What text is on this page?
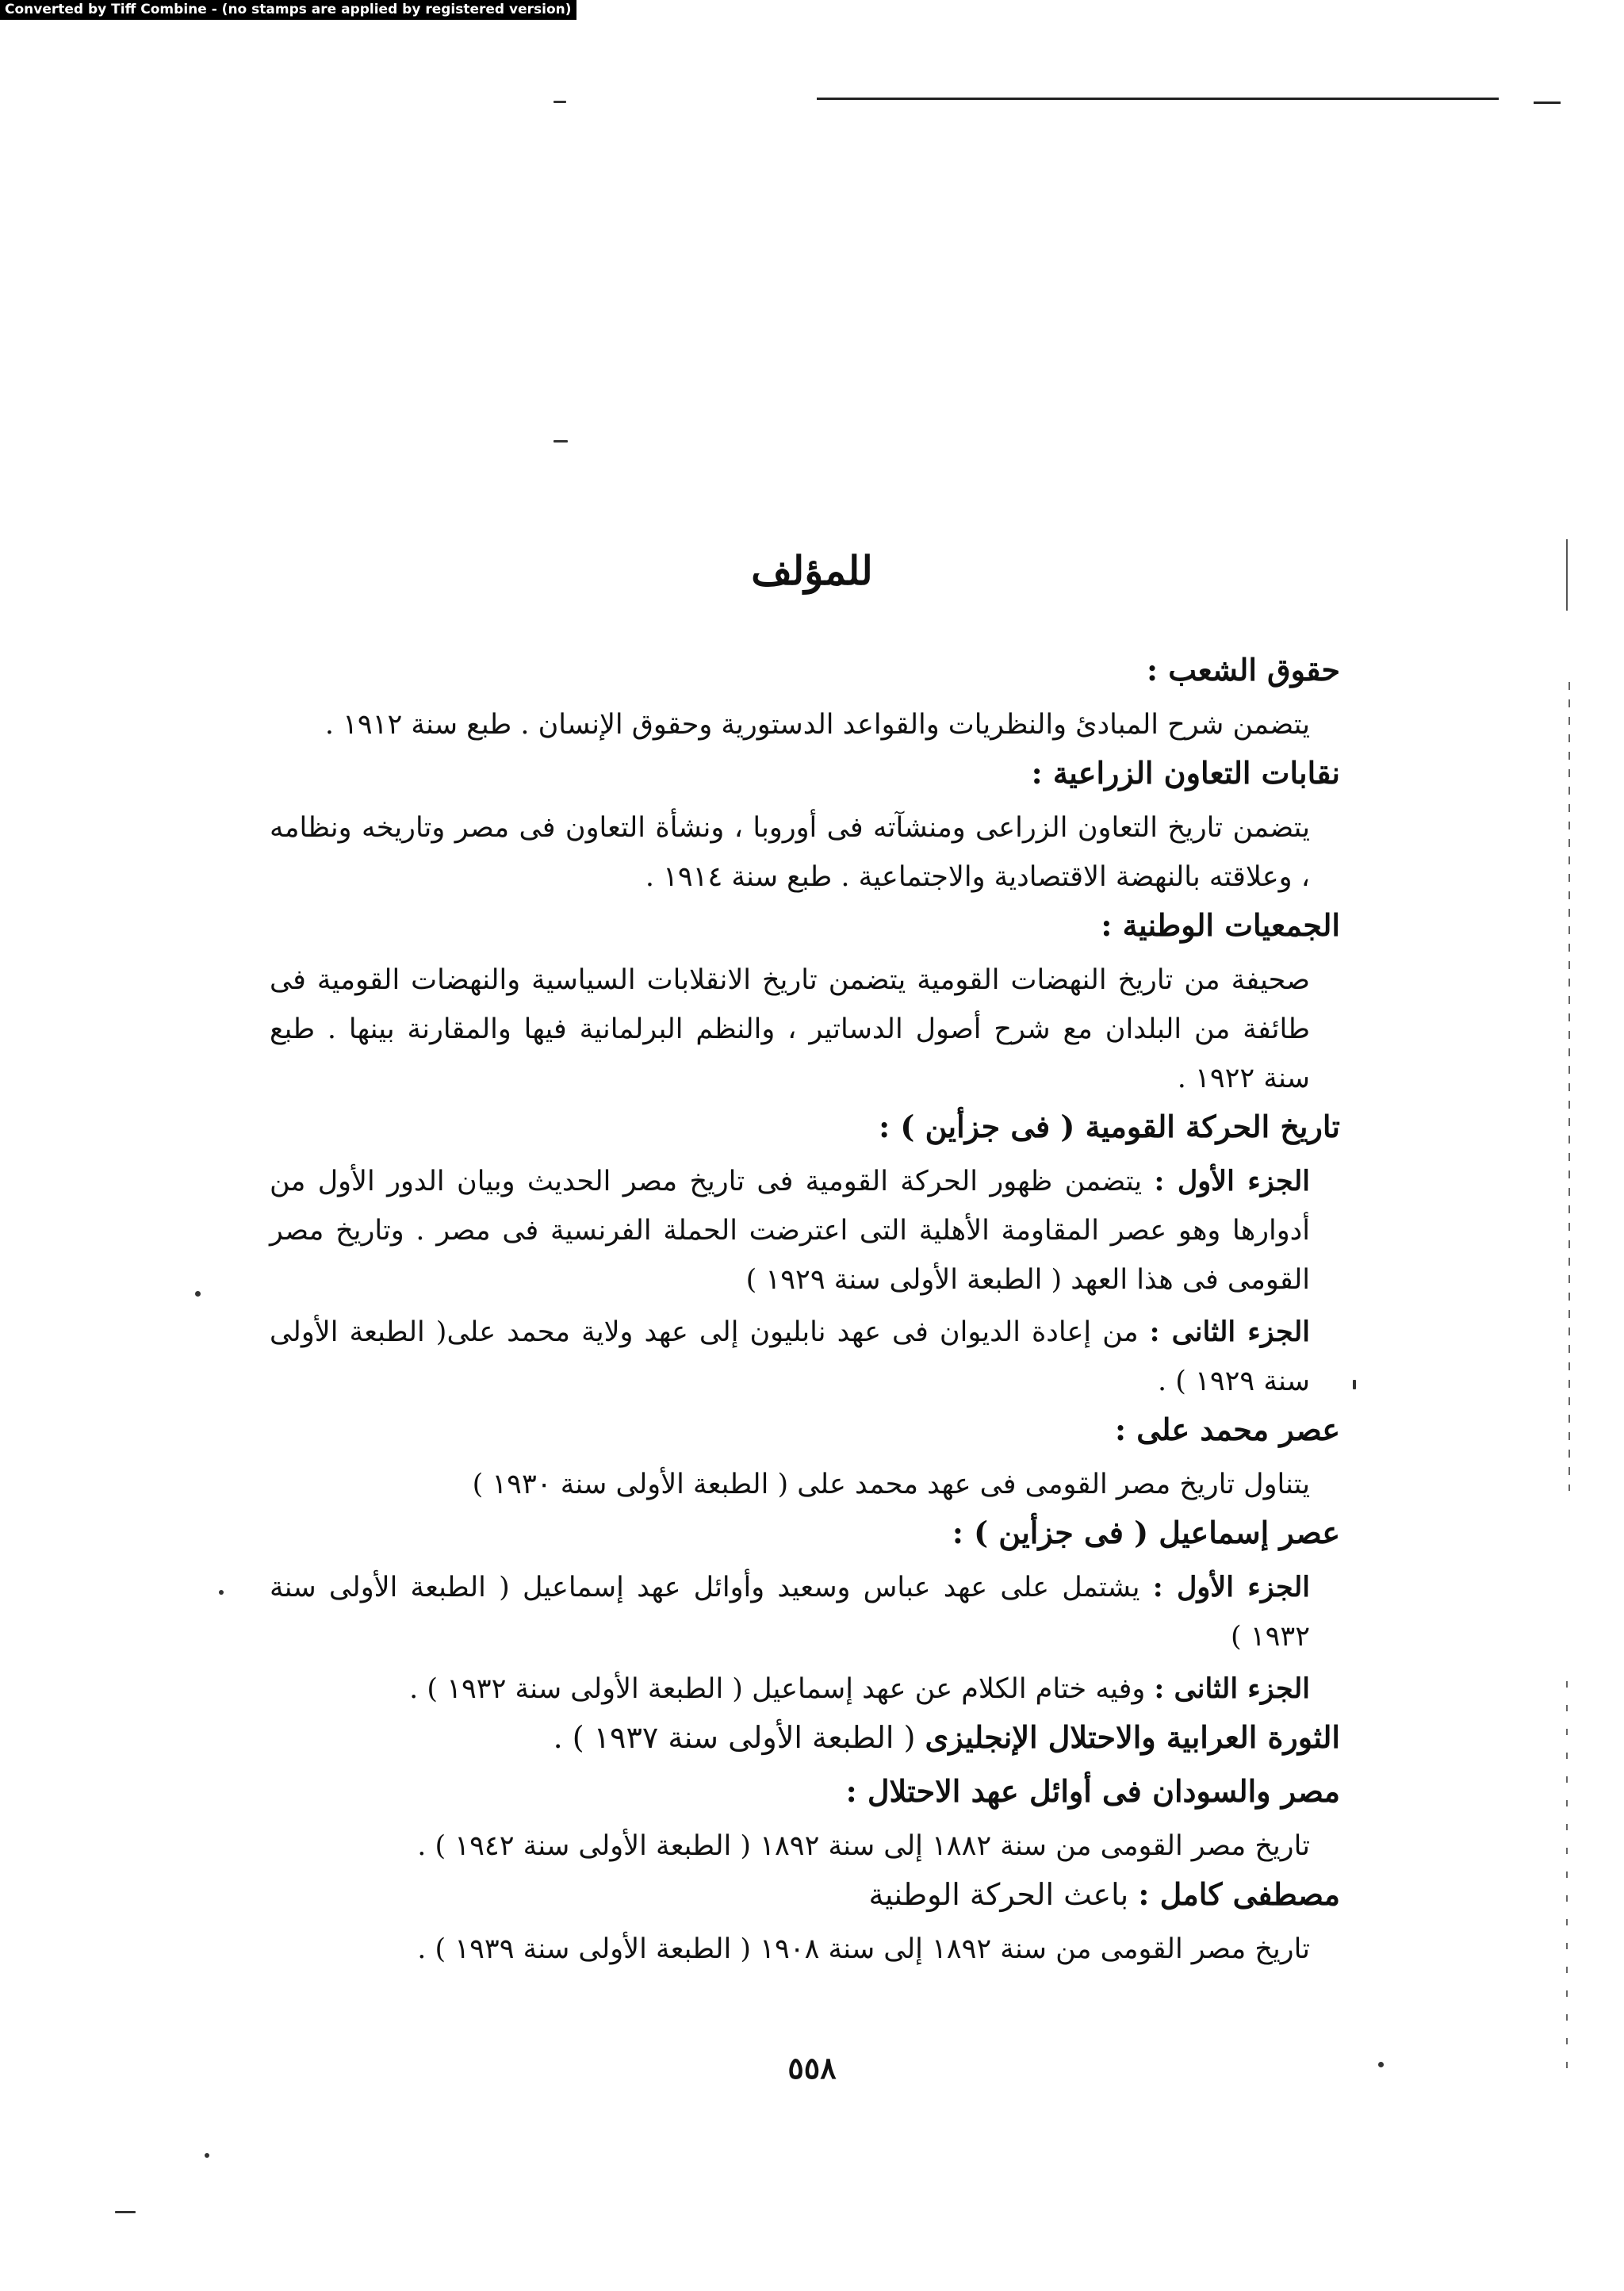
Converted by Tiff Combine - (no stamps are applied by registered version)
للمؤلف
حقوق الشعب :

يتضمن شرح المبادئ والنظريات والقواعد الدستورية وحقوق الإنسان . طبع سنة ١٩١٢ .

نقابات التعاون الزراعية :

يتضمن تاريخ التعاون الزراعى ومنشآته فى أوروبا ، ونشأة التعاون فى مصر وتاريخه ونظامه ، وعلاقته بالنهضة الاقتصادية والاجتماعية . طبع سنة ١٩١٤ .

الجمعيات الوطنية :

صحيفة من تاريخ النهضات القومية يتضمن تاريخ الانقلابات السياسية والنهضات القومية فى طائفة من البلدان مع شرح أصول الدساتير ، والنظم البرلمانية فيها والمقارنة بينها . طبع سنة ١٩٢٢ .

تاريخ الحركة القومية ( فى جزأين ) :

الجزء الأول : يتضمن ظهور الحركة القومية فى تاريخ مصر الحديث وبيان الدور الأول من أدوارها وهو عصر المقاومة الأهلية التى اعترضت الحملة الفرنسية فى مصر . وتاريخ مصر القومى فى هذا العهد ( الطبعة الأولى سنة ١٩٢٩ )

الجزء الثانى : من إعادة الديوان فى عهد نابليون إلى عهد ولاية محمد على( الطبعة الأولى سنة ١٩٢٩ ) .

عصر محمد على :

يتناول تاريخ مصر القومى فى عهد محمد على ( الطبعة الأولى سنة ١٩٣٠ )

عصر إسماعيل ( فى جزأين ) :

الجزء الأول : يشتمل على عهد عباس وسعيد وأوائل عهد إسماعيل ( الطبعة الأولى سنة ١٩٣٢ )

الجزء الثانى : وفيه ختام الكلام عن عهد إسماعيل ( الطبعة الأولى سنة ١٩٣٢ ) .

الثورة العرابية والاحتلال الإنجليزى ( الطبعة الأولى سنة ١٩٣٧ ) .
مصر والسودان فى أوائل عهد الاحتلال :

تاريخ مصر القومى من سنة ١٨٨٢ إلى سنة ١٨٩٢ ( الطبعة الأولى سنة ١٩٤٢ ) .

مصطفى كامل : باعث الحركة الوطنية

تاريخ مصر القومى من سنة ١٨٩٢ إلى سنة ١٩٠٨ ( الطبعة الأولى سنة ١٩٣٩ ) .

٥٥٨
